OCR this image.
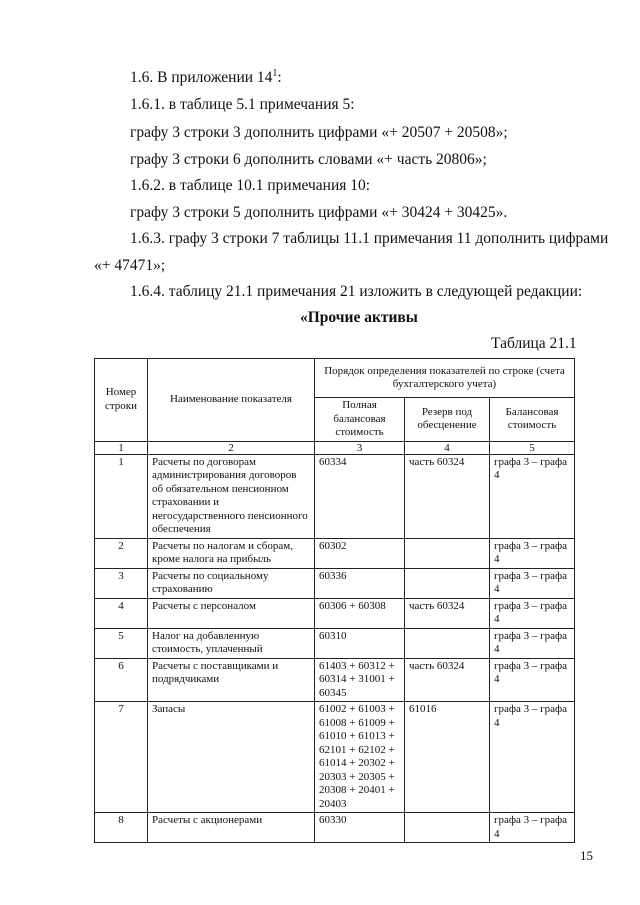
1.6. В приложении $14^1$:
1.6.1. в таблице 5.1 примечания 5:
графу 3 строки 3 дополнить цифрами «+ 20507 + 20508»;
графу 3 строки 6 дополнить словами «+ часть 20806»;
1.6.2. в таблице 10.1 примечания 10:
графу 3 строки 5 дополнить цифрами «+ 30424 + 30425».
1.6.3. графу 3 строки 7 таблицы 11.1 примечания 11 дополнить цифрами
«+ 47471»;
1.6.4. таблицу 21.1 примечания 21 изложить в следующей редакции:
«Прочие активы
Таблица 21.1
Номер строки	Наименование показателя	Порядок определения показателей по строке (счета бухгалтерского учета)		
		Полная балансовая стоимость	Резерв под обесценение	Балансовая стоимость
1	2	3	4	5
1	Расчеты по договорам администрирования договоров об обязательном пенсионном страховании и негосударственного пенсионного обеспечения	60334	часть 60324	графа 3 – графа 4
2	Расчеты по налогам и сборам, кроме налога на прибыль	60302		графа 3 – графа 4
3	Расчеты по социальному страхованию	60336		графа 3 – графа 4
4	Расчеты с персоналом	60306 + 60308	часть 60324	графа 3 – графа 4
5	Налог на добавленную стоимость, уплаченный	60310		графа 3 – графа 4
6	Расчеты с поставщиками и подрядчиками	61403 + 60312 + 60314 + 31001 + 60345	часть 60324	графа 3 – графа 4
7	Запасы	61002 + 61003 + 61008 + 61009 + 61010 + 61013 + 62101 + 62102 + 61014 + 20302 + 20303 + 20305 + 20308 + 20401 + 20403	61016	графа 3 – графа 4
8	Расчеты с акционерами	60330		графа 3 – графа 4
15
